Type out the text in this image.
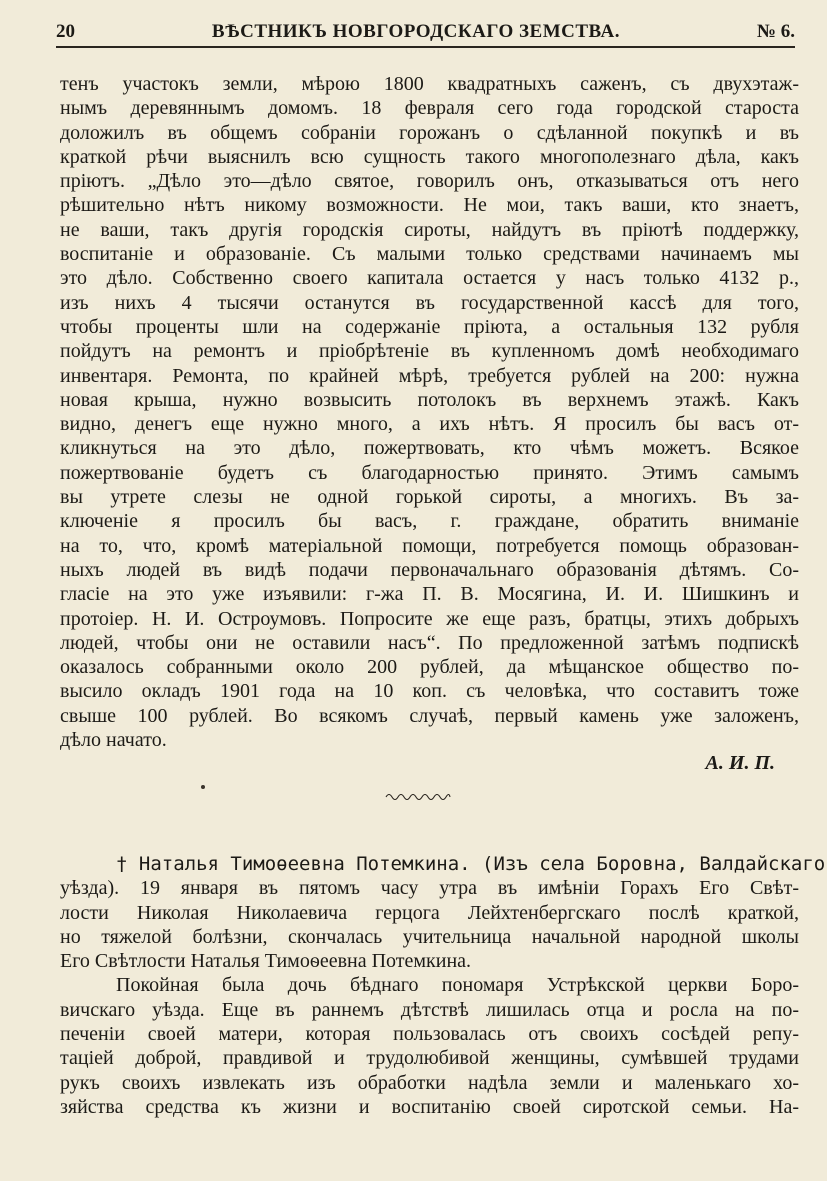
20	ВѢСТНИКЪ НОВГОРОДСКАГО ЗЕМСТВА.	№ 6.
тенъ участокъ земли, мѣрою 1800 квадратныхъ саженъ, съ двухэтаж-
нымъ деревяннымъ домомъ. 18 февраля сего года городской староста
доложилъ въ общемъ собраніи горожанъ о сдѣланной покупкѣ и въ
краткой рѣчи выяснилъ всю сущность такого многополезнаго дѣла, какъ
пріютъ. „Дѣло это—дѣло святое, говорилъ онъ, отказываться отъ него
рѣшительно нѣтъ никому возможности. Не мои, такъ ваши, кто знаетъ,
не ваши, такъ другія городскія сироты, найдутъ въ пріютѣ поддержку,
воспитаніе и образованіе. Съ малыми только средствами начинаемъ мы
это дѣло. Собственно своего капитала остается у насъ только 4132 р.,
изъ нихъ 4 тысячи останутся въ государственной кассѣ для того,
чтобы проценты шли на содержаніе пріюта, а остальныя 132 рубля
пойдутъ на ремонтъ и пріобрѣтеніе въ купленномъ домѣ необходимаго
инвентаря. Ремонта, по крайней мѣрѣ, требуется рублей на 200: нужна
новая крыша, нужно возвысить потолокъ въ верхнемъ этажѣ. Какъ
видно, денегъ еще нужно много, а ихъ нѣтъ. Я просилъ бы васъ от-
кликнуться на это дѣло, пожертвовать, кто чѣмъ можетъ. Всякое
пожертвованіе будетъ съ благодарностью принято. Этимъ самымъ
вы утрете слезы не одной горькой сироты, а многихъ. Въ за-
ключеніе я просилъ бы васъ, г. граждане, обратить вниманіе
на то, что, кромѣ матеріальной помощи, потребуется помощь образован-
ныхъ людей въ видѣ подачи первоначальнаго образованія дѣтямъ. Со-
гласіе на это уже изъявили: г-жа П. В. Мосягина, И. И. Шишкинъ и
протоіер. Н. И. Остроумовъ. Попросите же еще разъ, братцы, этихъ добрыхъ
людей, чтобы они не оставили насъ“. По предложенной затѣмъ подпискѣ
оказалось собранными около 200 рублей, да мѣщанское общество по-
высило окладъ 1901 года на 10 коп. съ человѣка, что составитъ тоже
свыше 100 рублей. Во всякомъ случаѣ, первый камень уже заложенъ,
дѣло начато.
А. И. П.
† Наталья Тимоѳеевна Потемкина. (Изъ села Боровна, Валдайскаго
уѣзда). 19 января въ пятомъ часу утра въ имѣніи Горахъ Его Свѣт-
лости Николая Николаевича герцога Лейхтенбергскаго послѣ краткой,
но тяжелой болѣзни, скончалась учительница начальной народной школы
Его Свѣтлости Наталья Тимоѳеевна Потемкина.
Покойная была дочь бѣднаго пономаря Устрѣкской церкви Боро-
вичскаго уѣзда. Еще въ раннемъ дѣтствѣ лишилась отца и росла на по-
печеніи своей матери, которая пользовалась отъ своихъ сосѣдей репу-
таціей доброй, правдивой и трудолюбивой женщины, сумѣвшей трудами
рукъ своихъ извлекать изъ обработки надѣла земли и маленькаго хо-
зяйства средства къ жизни и воспитанію своей сиротской семьи. На-
